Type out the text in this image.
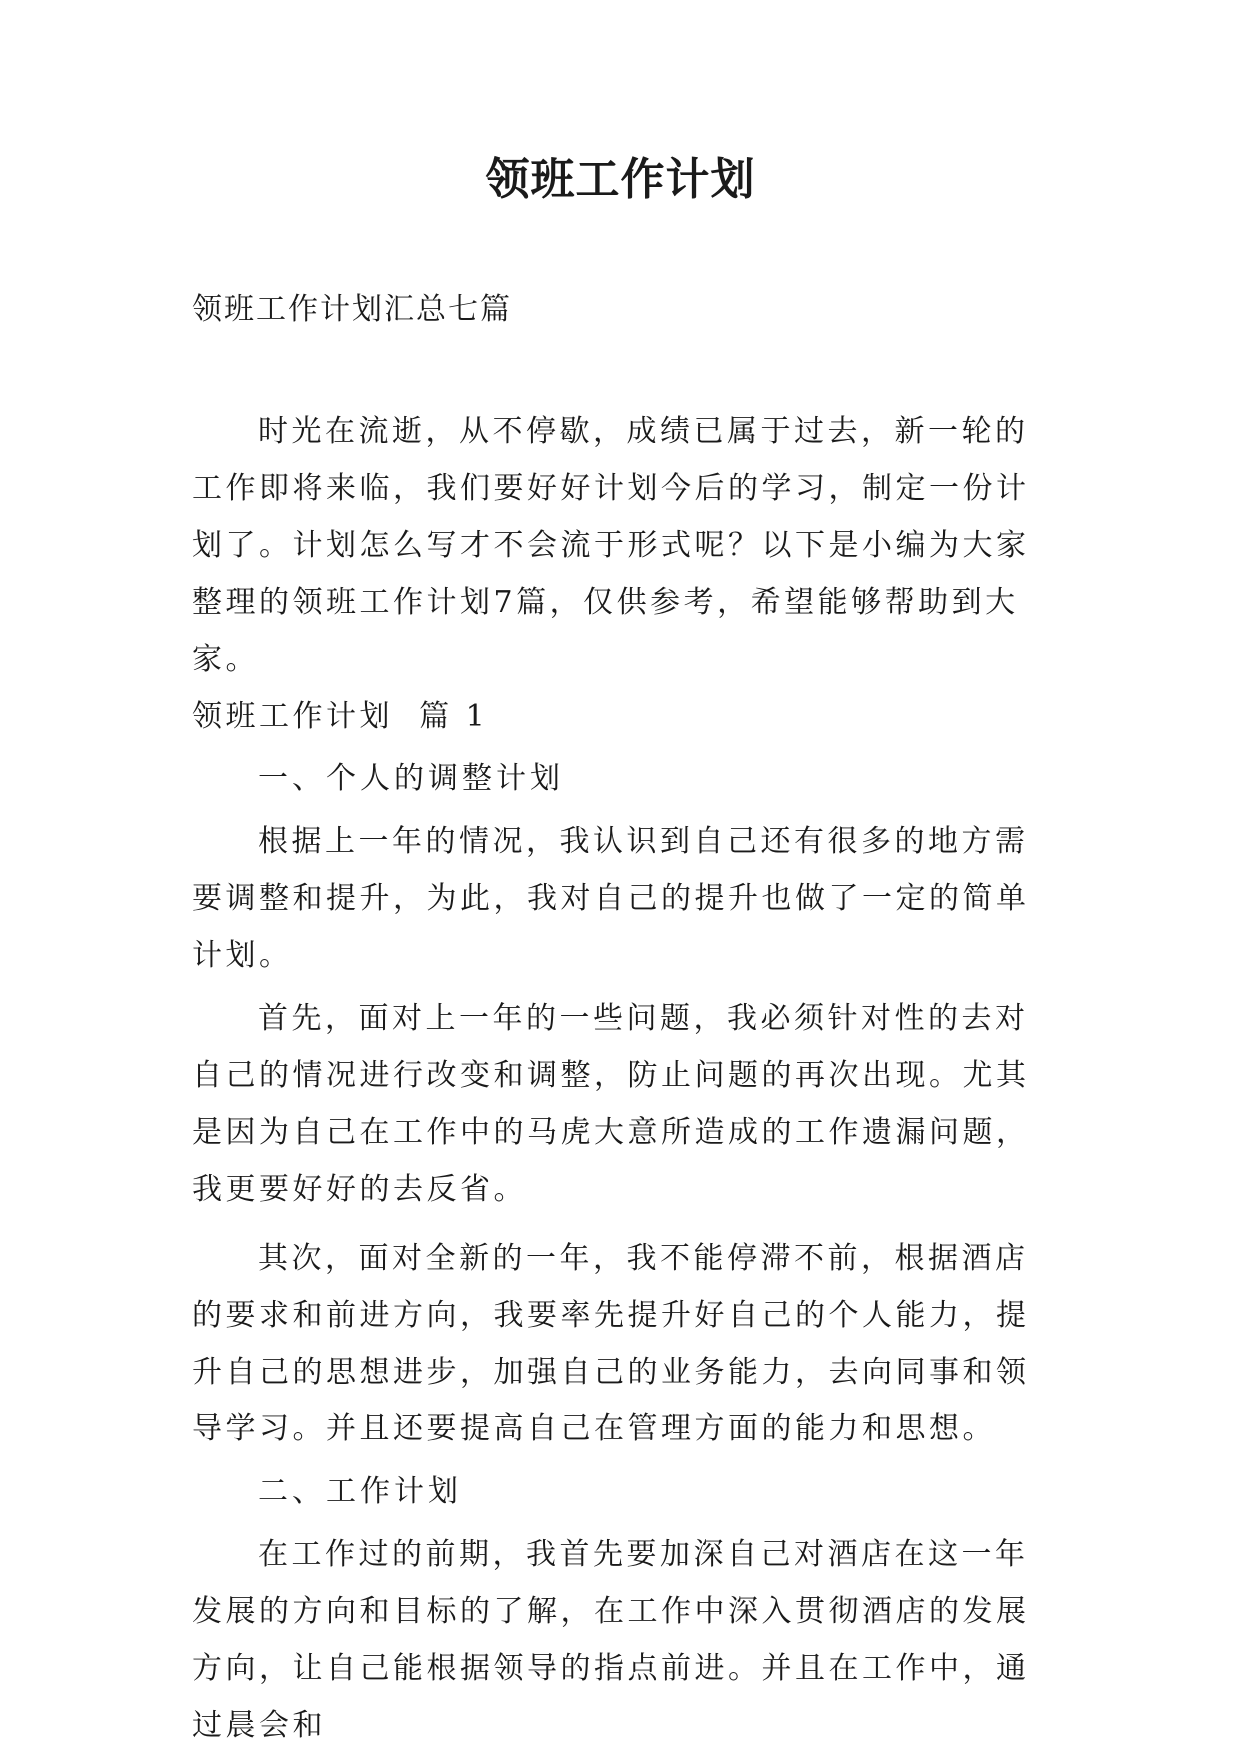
领班工作计划
领班工作计划汇总七篇

时光在流逝，从不停歇，成绩已属于过去，新一轮的工作即将来临，我们要好好计划今后的学习，制定一份计划了。计划怎么写才不会流于形式呢？以下是小编为大家整理的领班工作计划7篇，仅供参考，希望能够帮助到大家。

领班工作计划  篇 1

一、个人的调整计划

根据上一年的情况，我认识到自己还有很多的地方需要调整和提升，为此，我对自己的提升也做了一定的简单计划。

首先，面对上一年的一些问题，我必须针对性的去对自己的情况进行改变和调整，防止问题的再次出现。尤其是因为自己在工作中的马虎大意所造成的工作遗漏问题，我更要好好的去反省。

其次，面对全新的一年，我不能停滞不前，根据酒店的要求和前进方向，我要率先提升好自己的个人能力，提升自己的思想进步，加强自己的业务能力，去向同事和领导学习。并且还要提高自己在管理方面的能力和思想。

二、工作计划

在工作过的前期，我首先要加深自己对酒店在这一年发展的方向和目标的了解，在工作中深入贯彻酒店的发展方向，让自己能根据领导的指点前进。并且在工作中，通过晨会和
